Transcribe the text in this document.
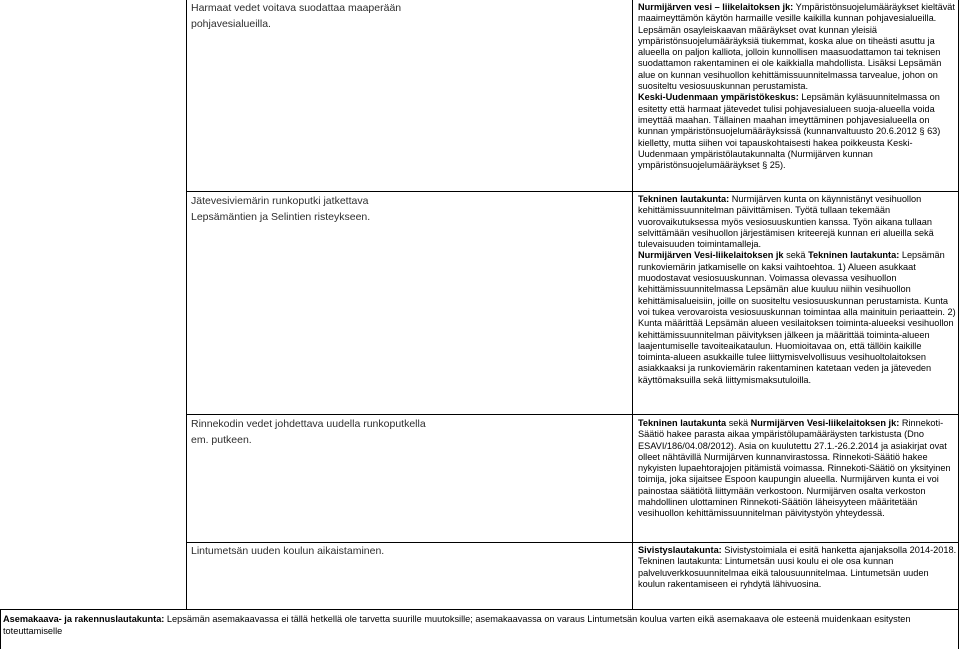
Harmaat vedet voitava suodattaa maaperään pohjavesialueilla.

Nurmijärven vesi – liikelaitoksen jk: Ympäristönsuojelumääräykset kieltävät maaimeyttämön käytön harmaille vesille kaikilla kunnan pohjavesialueilla. Lepsämän osayleiskaavan määräykset ovat kunnan yleisiä ympäristönsuojelumääräyksiä tiukemmat, koska alue on tiheästi asuttu ja alueella on paljon kalliota, jolloin kunnollisen maasuodattamon tai teknisen suodattamon rakentaminen ei ole kaikkialla mahdollista. Lisäksi Lepsämän alue on kunnan vesihuollon kehittämissuunnitelmassa tarvealue, johon on suositeltu vesiosuuskunnan perustamista.

Keski-Uudenmaan ympäristökeskus: Lepsämän kyläsuunnitelmassa on esitetty että harmaat jätevedet tulisi pohjavesialueen suoja-alueella voida imeyttää maahan. Tällainen maahan imeyttäminen pohjavesialueella on kunnan ympäristönsuojelumääräyksissä (kunnanvaltuusto 20.6.2012 § 63) kielletty, mutta siihen voi tapauskohtaisesti hakea poikkeusta Keski-Uudenmaan ympäristölautakunnalta (Nurmijärven kunnan ympäristönsuojelumääräykset § 25).

Jätevesiviemärin runkoputki jatkettava Lepsämäntien ja Selintien risteykseen.

Tekninen lautakunta: Nurmijärven kunta on käynnistänyt vesihuollon kehittämissuunnitelman päivittämisen. Työtä tullaan tekemään vuorovaikutuksessa myös vesiosuuskuntien kanssa. Työn aikana tullaan selvittämään vesihuollon järjestämisen kriteerejä kunnan eri alueilla sekä tulevaisuuden toimintamalleja.

Nurmijärven Vesi-liikelaitoksen jk sekä Tekninen lautakunta: Lepsämän runkoviemärin jatkamiselle on kaksi vaihtoehtoa. 1) Alueen asukkaat muodostavat vesiosuuskunnan. Voimassa olevassa vesihuollon kehittämissuunnitelmassa Lepsämän alue kuuluu niihin vesihuollon kehittämisalueisiin, joille on suositeltu vesiosuuskunnan perustamista. Kunta voi tukea verovaroista vesiosuuskunnan toimintaa alla mainituin periaattein. 2) Kunta määrittää Lepsämän alueen vesilaitoksen toiminta-alueeksi vesihuollon kehittämissuunnitelman päivityksen jälkeen ja määrittää toiminta-alueen laajentumiselle tavoiteaikataulun. Huomioitavaa on, että tällöin kaikille toiminta-alueen asukkaille tulee liittymisvelvollisuus vesihuoltolaitoksen asiakkaaksi ja runkoviemärin rakentaminen katetaan veden ja jäteveden käyttömaksuilla sekä liittymismaksutuloilla.

Rinnekodin vedet johdettava uudella runkoputkella em. putkeen.

Tekninen lautakunta sekä Nurmijärven Vesi-liikelaitoksen jk: Rinnekoti-Säätiö hakee parasta aikaa ympäristölupamääräysten tarkistusta (Dno ESAVI/186/04.08/2012). Asia on kuulutettu 27.1.-26.2.2014 ja asiakirjat ovat olleet nähtävillä Nurmijärven kunnanvirastossa. Rinnekoti-Säätiö hakee nykyisten lupaehtorajojen pitämistä voimassa. Rinnekoti-Säätiö on yksityinen toimija, joka sijaitsee Espoon kaupungin alueella. Nurmijärven kunta ei voi painostaa säätiötä liittymään verkostoon. Nurmijärven osalta verkoston mahdollinen ulottaminen Rinnekoti-Säätiön läheisyyteen määritetään vesihuollon kehittämissuunnitelman päivitystyön yhteydessä.

Lintumetsän uuden koulun aikaistaminen.	Sivistyslautakunta: Sivistystoimiala ei esitä hanketta ajanjaksolla 2014-2018.

Tekninen lautakunta: Lintumetsän uusi koulu ei ole osa kunnan palveluverkkosuunnitelmaa eikä talousuunnitelmaa. Lintumetsän uuden koulun rakentamiseen ei ryhdytä lähivuosina.

Asemakaava- ja rakennuslautakunta: Lepsämän asemakaavassa ei tällä hetkellä ole tarvetta suurille muutoksille; asemakaavassa on varaus Lintumetsän koulua varten eikä asemakaava ole esteenä muidenkaan esitysten toteuttamiselle
